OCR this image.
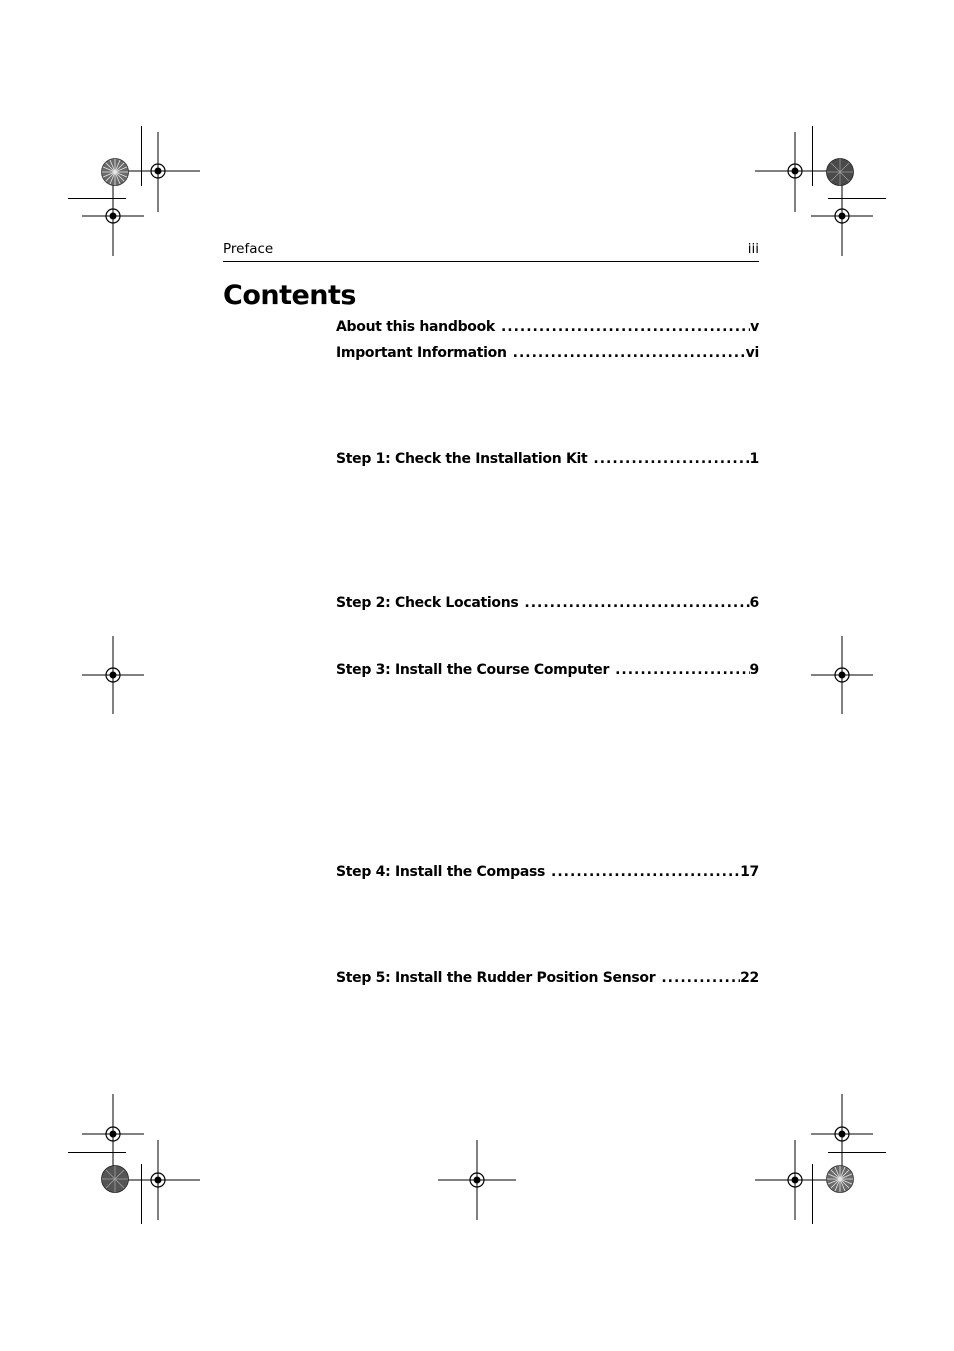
Preface	iii
Contents
About this handbook .....	v
Important Information .....	vi
Step 1: Check the Installation Kit .....	1
Step 2: Check Locations .....	6
Step 3: Install the Course Computer .....	9
Step 4: Install the Compass .....	17
Step 5: Install the Rudder Position Sensor .....	22
